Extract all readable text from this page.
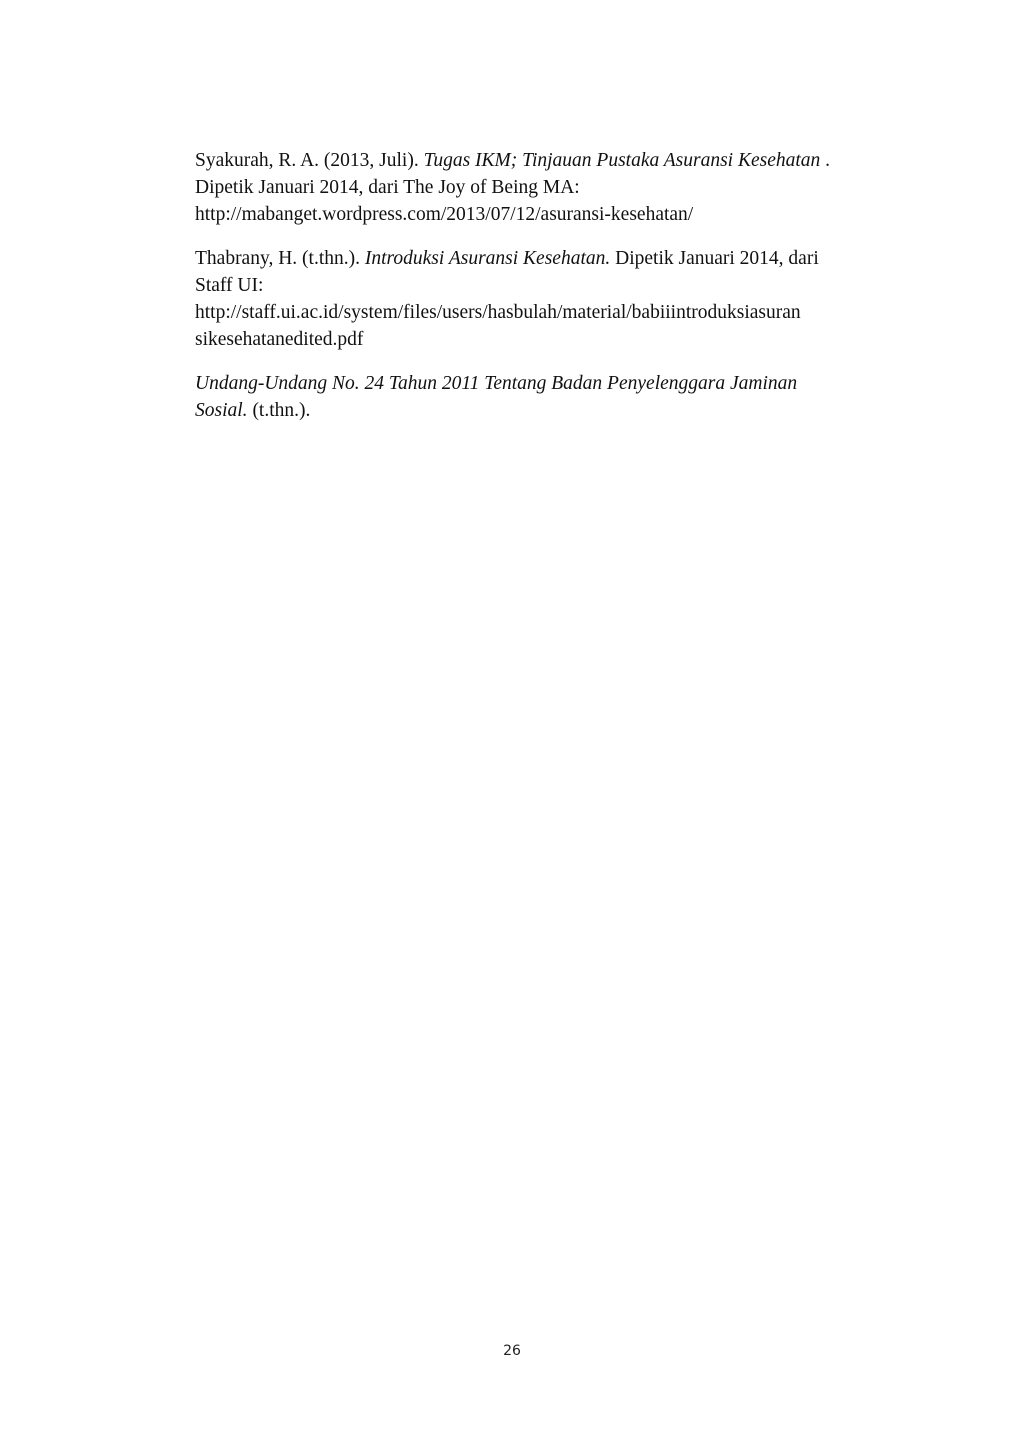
Syakurah, R. A. (2013, Juli). Tugas IKM; Tinjauan Pustaka Asuransi Kesehatan .
Dipetik Januari 2014, dari The Joy of Being MA:
http://mabanget.wordpress.com/2013/07/12/asuransi-kesehatan/

Thabrany, H. (t.thn.). Introduksi Asuransi Kesehatan. Dipetik Januari 2014, dari
Staff UI:
http://staff.ui.ac.id/system/files/users/hasbulah/material/babiiintroduksiasuran
sikesehatanedited.pdf

Undang-Undang No. 24 Tahun 2011 Tentang Badan Penyelenggara Jaminan
Sosial. (t.thn.).

26
